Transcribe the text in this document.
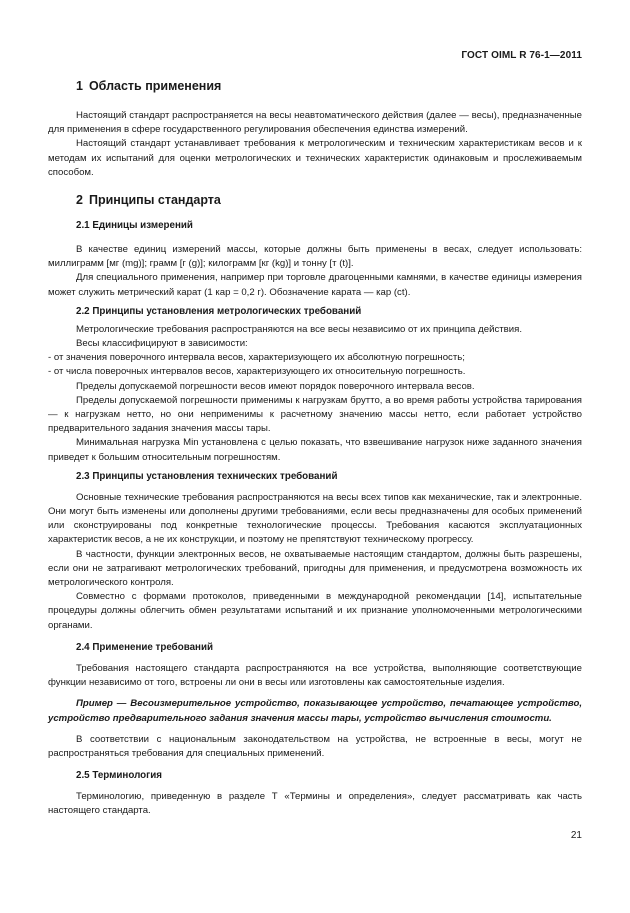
ГОСТ OIML R 76-1—2011
1 Область применения

Настоящий стандарт распространяется на весы неавтоматического действия (далее — весы), предназначенные для применения в сфере государственного регулирования обеспечения единства измерений.

Настоящий стандарт устанавливает требования к метрологическим и техническим характеристикам весов и к методам их испытаний для оценки метрологических и технических характеристик одинаковым и прослеживаемым способом.

2 Принципы стандарта
2.1 Единицы измерений

В качестве единиц измерений массы, которые должны быть применены в весах, следует использовать: миллиграмм [мг (mg)]; грамм [г (g)]; килограмм [кг (kg)] и тонну [т (t)].

Для специального применения, например при торговле драгоценными камнями, в качестве единицы измерения может служить метрический карат (1 кар = 0,2 г). Обозначение карата — кар (ct).

2.2 Принципы установления метрологических требований

Метрологические требования распространяются на все весы независимо от их принципа действия.

Весы классифицируют в зависимости:

- от значения поверочного интервала весов, характеризующего их абсолютную погрешность;

- от числа поверочных интервалов весов, характеризующего их относительную погрешность.

Пределы допускаемой погрешности весов имеют порядок поверочного интервала весов.

Пределы допускаемой погрешности применимы к нагрузкам брутто, а во время работы устройства тарирования — к нагрузкам нетто, но они неприменимы к расчетному значению массы нетто, если работает устройство предварительного задания значения массы тары.

Минимальная нагрузка Min установлена с целью показать, что взвешивание нагрузок ниже заданного значения приведет к большим относительным погрешностям.

2.3 Принципы установления технических требований

Основные технические требования распространяются на весы всех типов как механические, так и электронные. Они могут быть изменены или дополнены другими требованиями, если весы предназначены для особых применений или сконструированы под конкретные технологические процессы. Требования касаются эксплуатационных характеристик весов, а не их конструкции, и поэтому не препятствуют техническому прогрессу.

В частности, функции электронных весов, не охватываемые настоящим стандартом, должны быть разрешены, если они не затрагивают метрологических требований, пригодны для применения, и предусмотрена возможность их метрологического контроля.

Совместно с формами протоколов, приведенными в международной рекомендации [14], испытательные процедуры должны облегчить обмен результатами испытаний и их признание уполномоченными метрологическими органами.

2.4 Применение требований

Требования настоящего стандарта распространяются на все устройства, выполняющие соответствующие функции независимо от того, встроены ли они в весы или изготовлены как самостоятельные изделия.

Пример — Весоизмерительное устройство, показывающее устройство, печатающее устройство, устройство предварительного задания значения массы тары, устройство вычисления стоимости.

В соответствии с национальным законодательством на устройства, не встроенные в весы, могут не распространяться требования для специальных применений.

2.5 Терминология

Терминологию, приведенную в разделе Т «Термины и определения», следует рассматривать как часть настоящего стандарта.

21
